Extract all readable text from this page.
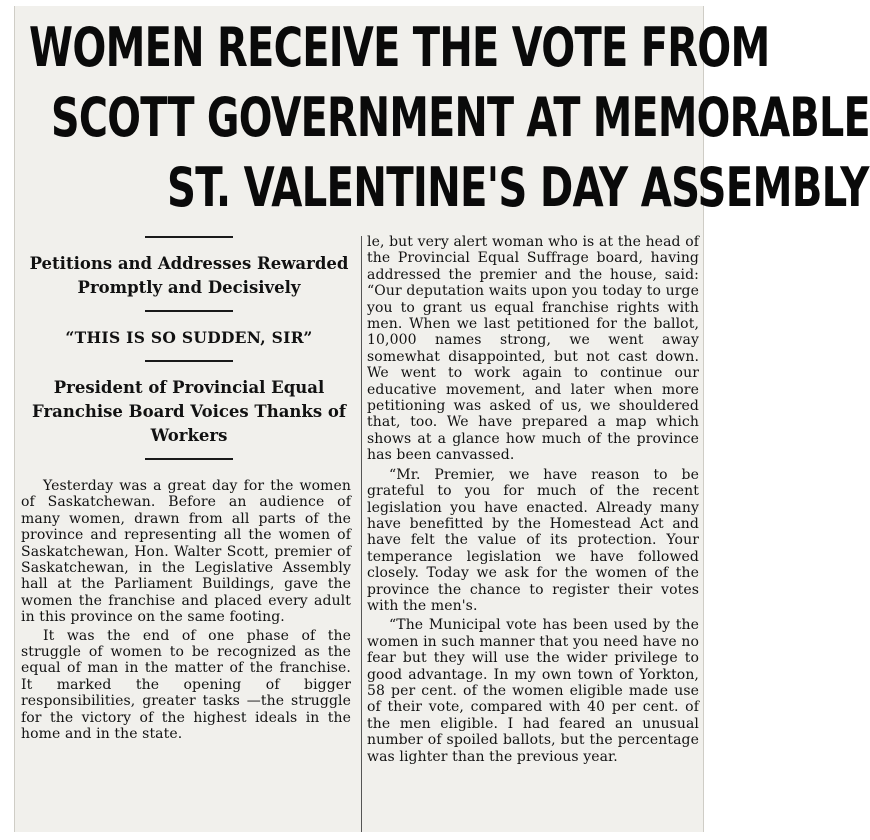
WOMEN RECEIVE THE VOTE FROM
SCOTT GOVERNMENT AT MEMORABLE
ST. VALENTINE'S DAY ASSEMBLY
Petitions and Addresses Rewarded Promptly and Decisively
“THIS IS SO SUDDEN, SIR”
President of Provincial Equal Franchise Board Voices Thanks of Workers

Yesterday was a great day for the women of Saskatchewan. Before an audience of many women, drawn from all parts of the province and representing all the women of Saskatchewan, Hon. Walter Scott, premier of Saskatchewan, in the Legislative Assembly hall at the Parliament Buildings, gave the women the franchise and placed every adult in this province on the same footing.

It was the end of one phase of the struggle of women to be recognized as the equal of man in the matter of the franchise. It marked the opening of bigger responsibilities, greater tasks —the struggle for the victory of the highest ideals in the home and in the state.

le, but very alert woman who is at the head of the Provincial Equal Suffrage board, having addressed the premier and the house, said: “Our deputation waits upon you today to urge you to grant us equal franchise rights with men. When we last petitioned for the ballot, 10,000 names strong, we went away somewhat disappointed, but not cast down. We went to work again to continue our educative movement, and later when more petitioning was asked of us, we shouldered that, too. We have prepared a map which shows at a glance how much of the province has been canvassed.

“Mr. Premier, we have reason to be grateful to you for much of the recent legislation you have enacted. Already many have benefitted by the Homestead Act and have felt the value of its protection. Your temperance legislation we have followed closely. Today we ask for the women of the province the chance to register their votes with the men's.

“The Municipal vote has been used by the women in such manner that you need have no fear but they will use the wider privilege to good advantage. In my own town of Yorkton, 58 per cent. of the women eligible made use of their vote, compared with 40 per cent. of the men eligible. I had feared an unusual number of spoiled ballots, but the percentage was lighter than the previous year.
